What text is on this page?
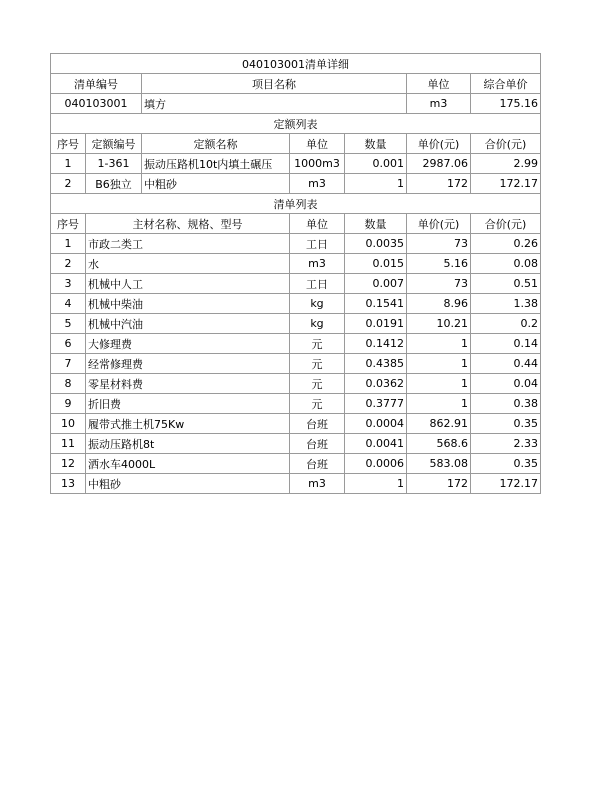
040103001清单详细						
清单编号		项目名称			单位	综合单价
040103001		填方			m3	175.16
定额列表						
序号	定额编号	定额名称	单位	数量	单价(元)	合价(元)
1	1-361	振动压路机10t内填土碾压	1000m3	0.001	2987.06	2.99
2	B6独立	中粗砂	m3	1	172	172.17
清单列表						
序号	主材名称、规格、型号		单位	数量	单价(元)	合价(元)
1	市政二类工		工日	0.0035	73	0.26
2	水		m3	0.015	5.16	0.08
3	机械中人工		工日	0.007	73	0.51
4	机械中柴油		kg	0.1541	8.96	1.38
5	机械中汽油		kg	0.0191	10.21	0.2
6	大修理费		元	0.1412	1	0.14
7	经常修理费		元	0.4385	1	0.44
8	零星材料费		元	0.0362	1	0.04
9	折旧费		元	0.3777	1	0.38
10	履带式推土机75Kw		台班	0.0004	862.91	0.35
11	振动压路机8t		台班	0.0041	568.6	2.33
12	洒水车4000L		台班	0.0006	583.08	0.35
13	中粗砂		m3	1	172	172.17
